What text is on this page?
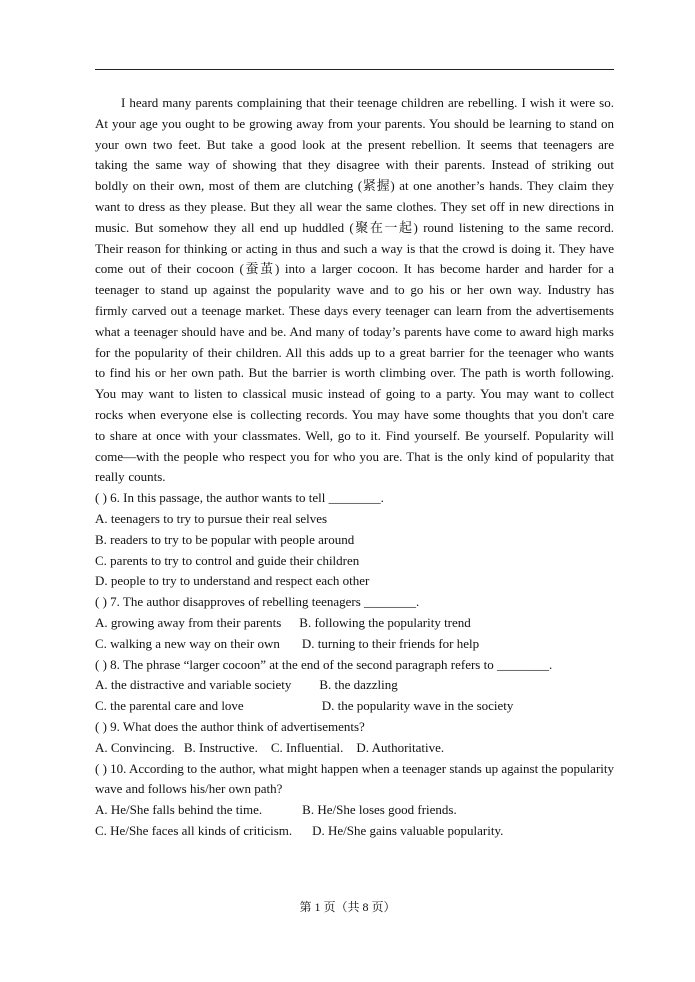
I heard many parents complaining that their teenage children are rebelling. I wish it were so. At your age you ought to be growing away from your parents. You should be learning to stand on your own two feet. But take a good look at the present rebellion. It seems that teenagers are taking the same way of showing that they disagree with their parents. Instead of striking out boldly on their own, most of them are clutching (紧握) at one another’s hands. They claim they want to dress as they please. But they all wear the same clothes. They set off in new directions in music. But somehow they all end up huddled (聚在一起) round listening to the same record. Their reason for thinking or acting in thus and such a way is that the crowd is doing it. They have come out of their cocoon (蚕茧) into a larger cocoon. It has become harder and harder for a teenager to stand up against the popularity wave and to go his or her own way. Industry has firmly carved out a teenage market. These days every teenager can learn from the advertisements what a teenager should have and be. And many of today’s parents have come to award high marks for the popularity of their children. All this adds up to a great barrier for the teenager who wants to find his or her own path. But the barrier is worth climbing over. The path is worth following. You may want to listen to classical music instead of going to a party. You may want to collect rocks when everyone else is collecting records. You may have some thoughts that you don't care to share at once with your classmates. Well, go to it. Find yourself. Be yourself. Popularity will come—with the people who respect you for who you are. That is the only kind of popularity that really counts.

( ) 6. In this passage, the author wants to tell ________.

A. teenagers to try to pursue their real selves

B. readers to try to be popular with people around

C. parents to try to control and guide their children

D. people to try to understand and respect each other

( ) 7. The author disapproves of rebelling teenagers ________.

A. growing away from their parents B. following the popularity trend

C. walking a new way on their own D. turning to their friends for help

( ) 8. The phrase “larger cocoon” at the end of the second paragraph refers to ________.

A. the distractive and variable society B. the dazzling

C. the parental care and love	D. the popularity wave in the society

( ) 9. What does the author think of advertisements?

A. Convincing. B. Instructive. C. Influential. D. Authoritative.

( ) 10. According to the author, what might happen when a teenager stands up against the popularity wave and follows his/her own path?

A. He/She falls behind the time.	B. He/She loses good friends.

C. He/She faces all kinds of criticism. D. He/She gains valuable popularity.

第 1 页（共 8 页）
